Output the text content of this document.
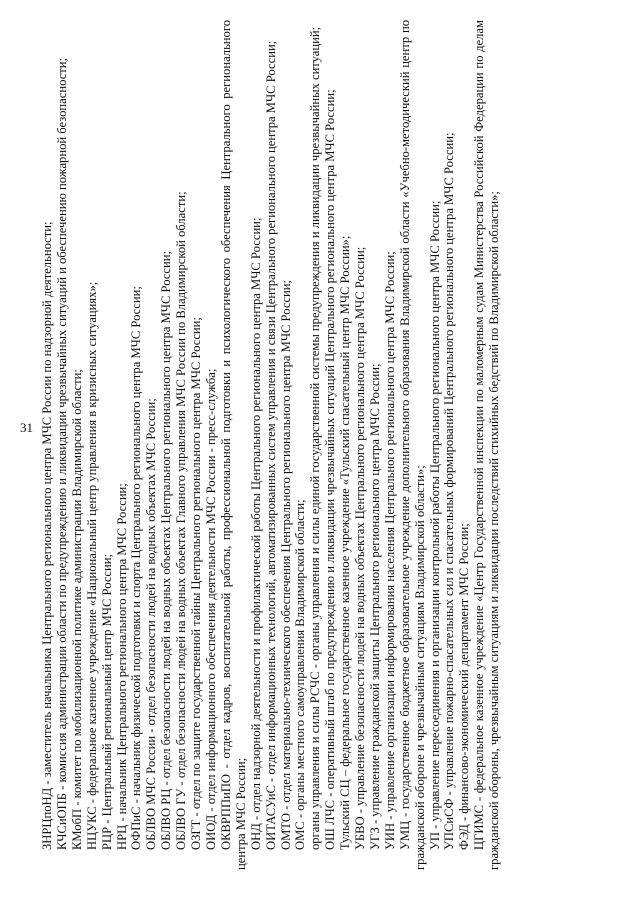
31 ЗНРЦпоНД - заместитель начальника Центрального регионального центра МЧС России по надзорной деятельности; КЧСиОПБ - комиссия администрации области по предупреждению и ликвидации чрезвычайных ситуаций и обеспечению пожарной безопасности; КМобП - комитет по мобилизационной политике администрации Владимирской области; НЦУКС - федеральное казенное учреждение «Национальный центр управления в кризисных ситуациях»; РЦР - Центральный региональный центр МЧС России; НРЦ - начальник Центрального регионального центра МЧС России; ОФПиС - начальник физической подготовки и спорта Центрального регионального центра МЧС России; ОБЛВО МЧС России - отдел безопасности людей на водных объектах МЧС России; ОБЛВО РЦ - отдел безопасности людей на водных объектах Центрального регионального центра МЧС России; ОБЛВО ГУ - отдел безопасности людей на водных объектах Главного управления МЧС России по Владимирской области; ОЗГТ - отдел по защите государственной тайны Центрального регионального центра МЧС России; ОИОД - отдел информационного обеспечения деятельности МЧС России - пресс-служба; ОКВРППиПО - отдел кадров, воспитательной работы, профессиональной подготовки и психологического обеспечения Центрального регионального центра МЧС России; ОНД - отдел надзорной деятельности и профилактической работы Центрального регионального центра МЧС России; ОИТАСУиС - отдел информационных технологий, автоматизированных систем управления и связи Центрального регионального центра МЧС России; ОМТО - отдел материально-технического обеспечения Центрального регионального центра МЧС России; ОМС - органы местного самоуправления Владимирской области; органы управления и силы РСЧС - органы управления и силы единой государственной системы предупреждения и ликвидации чрезвычайных ситуаций; ОШ ЛЧС - оперативный штаб по предупреждению и ликвидации чрезвычайных ситуаций Центрального регионального центра МЧС России; Тульский СЦ – федеральное государственное казенное учреждение «Тульский спасательный центр МЧС России»; УБВО - управление безопасности людей на водных объектах Центрального регионального центра МЧС России; УГЗ - управление гражданской защиты Центрального регионального центра МЧС России; УИН - управление организации информирования населения Центрального регионального центра МЧС России; УМЦ - государственное бюджетное образовательное учреждение дополнительного образования Владимирской области «Учебно-методический центр по гражданской обороне и чрезвычайным ситуациям Владимирской области»; УП - управление пересоединения и организации контрольной работы Центрального регионального центра МЧС России; УПСиСФ - управление пожарно-спасательных сил и спасательных формирований Центрального регионального центра МЧС России; ФЭД - финансово-экономический департамент МЧС России; ЦГИМС - федеральное казенное учреждение «Центр Государственной инспекции по маломерным судам Министерства Российской Федерации по делам гражданской обороны, чрезвычайным ситуациям и ликвидации последствий стихийных бедствий по Владимирской области»;
